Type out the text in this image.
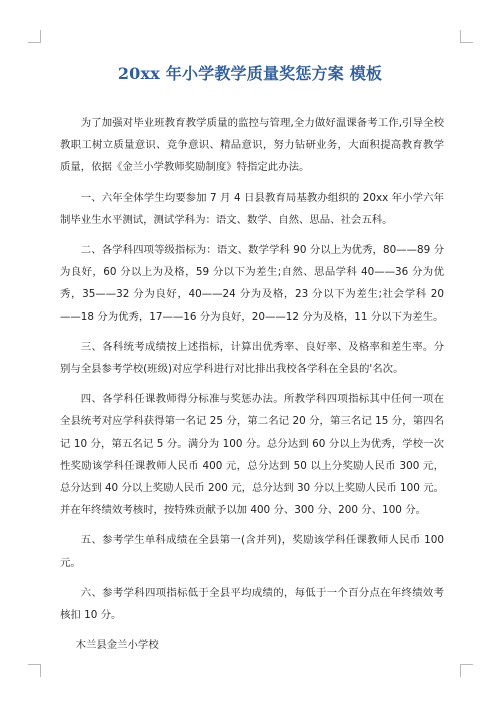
20xx 年小学教学质量奖惩方案 模板

为了加强对毕业班教育教学质量的监控与管理,全力做好温课备考工作,引导全校教职工树立质量意识、竞争意识、精品意识，努力钻研业务，大面积提高教育教学质量，依据《金兰小学教师奖励制度》特指定此办法。

一、六年全体学生均要参加 7 月 4 日县教育局基教办组织的 20xx 年小学六年制毕业生水平测试，测试学科为：语文、数学、自然、思品、社会五科。

二、各学科四项等级指标为：语文、数学学科 90 分以上为优秀，80——89 分为良好，60 分以上为及格，59 分以下为差生;自然、思品学科 40——36 分为优秀，35——32 分为良好，40——24 分为及格，23 分以下为差生;社会学科 20——18 分为优秀，17——16 分为良好，20——12 分为及格，11 分以下为差生。

三、各科统考成绩按上述指标，计算出优秀率、良好率、及格率和差生率。分别与全县参考学校(班级)对应学科进行对比排出我校各学科在全县的'名次。

四、各学科任课教师得分标准与奖惩办法。所教学科四项指标其中任何一项在全县统考对应学科获得第一名记 25 分，第二名记 20 分，第三名记 15 分，第四名记 10 分，第五名记 5 分。满分为 100 分。总分达到 60 分以上为优秀，学校一次性奖励该学科任课教师人民币 400 元，总分达到 50 以上分奖励人民币 300 元，总分达到 40 分以上奖励人民币 200 元，总分达到 30 分以上奖励人民币 100 元。并在年终绩效考核时，按特殊贡献予以加 400 分、300 分、200 分、100 分。

五、参考学生单科成绩在全县第一(含并列)，奖励该学科任课教师人民币 100 元。

六、参考学科四项指标低于全县平均成绩的，每低于一个百分点在年终绩效考核扣 10 分。

木兰县金兰小学校
